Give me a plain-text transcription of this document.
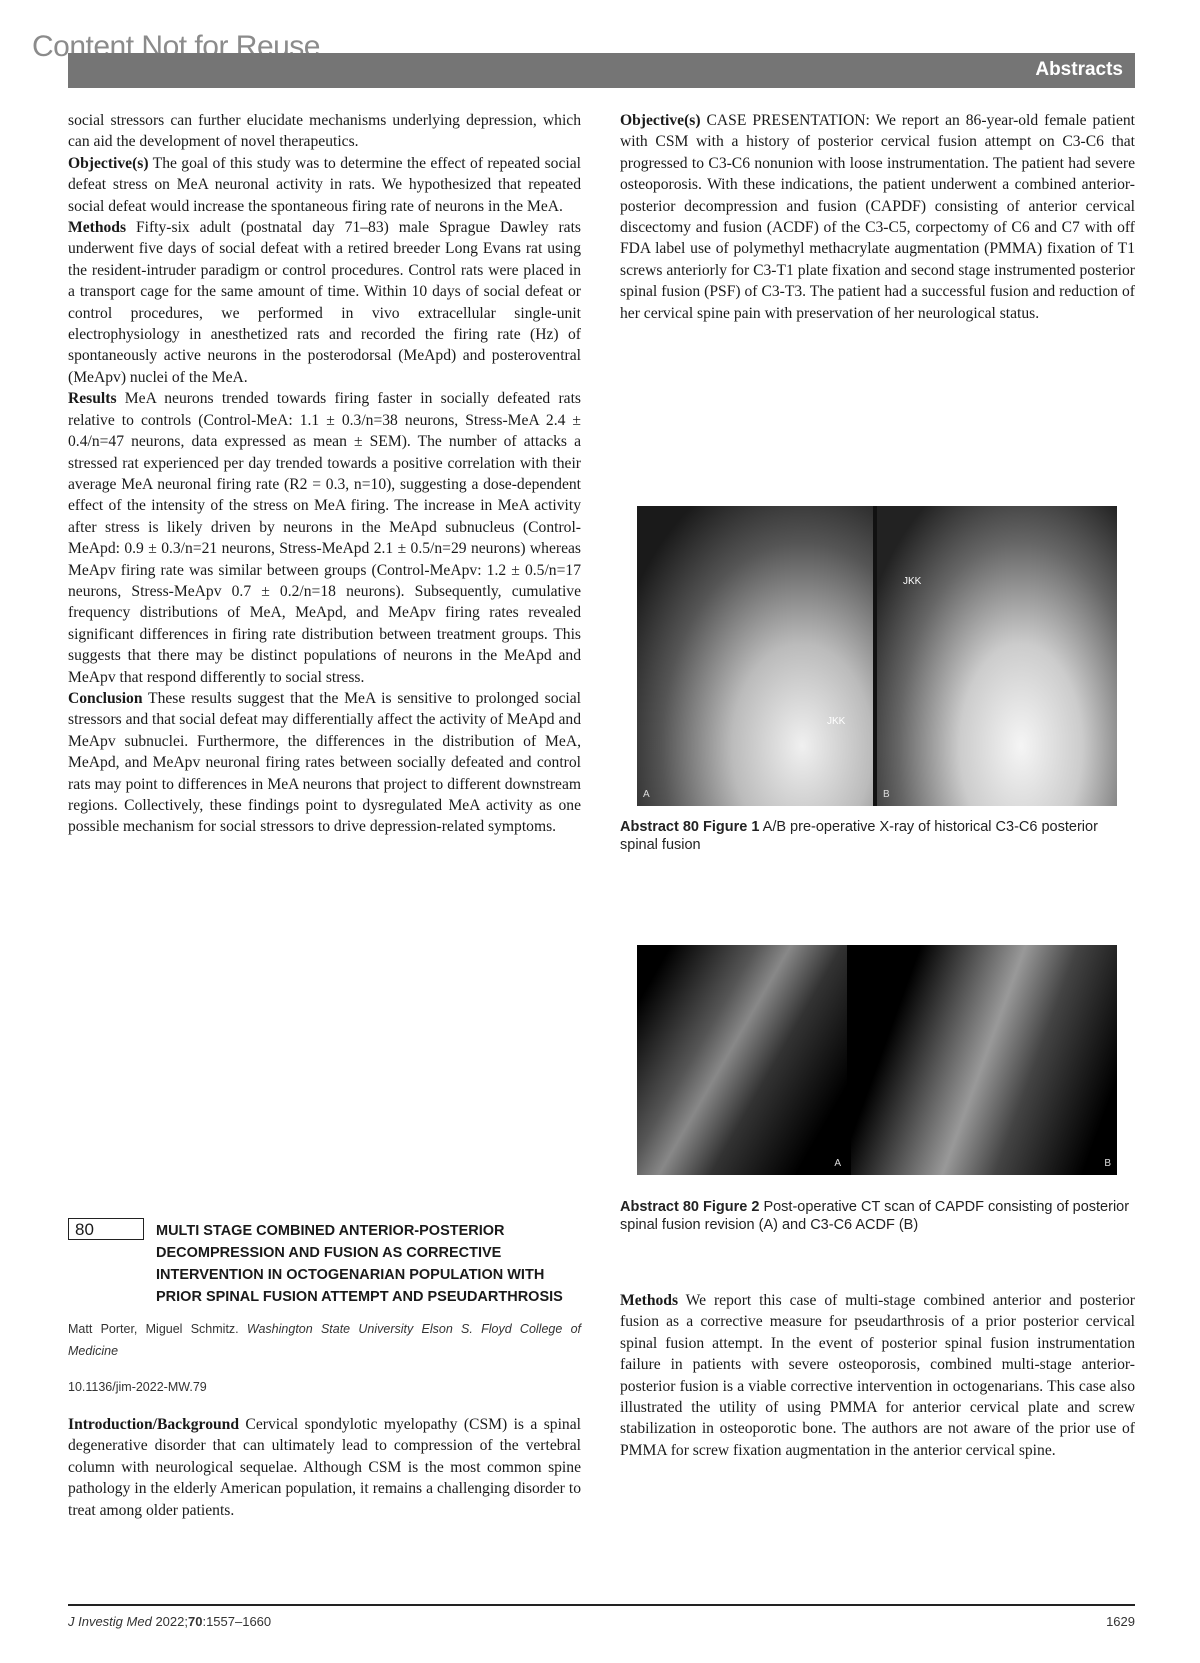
Content Not for Reuse
Abstracts

social stressors can further elucidate mechanisms underlying depression, which can aid the development of novel therapeutics.

Objective(s) The goal of this study was to determine the effect of repeated social defeat stress on MeA neuronal activity in rats. We hypothesized that repeated social defeat would increase the spontaneous firing rate of neurons in the MeA.

Methods Fifty-six adult (postnatal day 71–83) male Sprague Dawley rats underwent five days of social defeat with a retired breeder Long Evans rat using the resident-intruder paradigm or control procedures. Control rats were placed in a transport cage for the same amount of time. Within 10 days of social defeat or control procedures, we performed in vivo extracellular single-unit electrophysiology in anesthetized rats and recorded the firing rate (Hz) of spontaneously active neurons in the posterodorsal (MeApd) and posteroventral (MeApv) nuclei of the MeA.

Results MeA neurons trended towards firing faster in socially defeated rats relative to controls (Control-MeA: 1.1 ± 0.3/n=38 neurons, Stress-MeA 2.4 ± 0.4/n=47 neurons, data expressed as mean ± SEM). The number of attacks a stressed rat experienced per day trended towards a positive correlation with their average MeA neuronal firing rate (R2 = 0.3, n=10), suggesting a dose-dependent effect of the intensity of the stress on MeA firing. The increase in MeA activity after stress is likely driven by neurons in the MeApd subnucleus (Control-MeApd: 0.9 ± 0.3/n=21 neurons, Stress-MeApd 2.1 ± 0.5/n=29 neurons) whereas MeApv firing rate was similar between groups (Control-MeApv: 1.2 ± 0.5/n=17 neurons, Stress-MeApv 0.7 ± 0.2/n=18 neurons). Subsequently, cumulative frequency distributions of MeA, MeApd, and MeApv firing rates revealed significant differences in firing rate distribution between treatment groups. This suggests that there may be distinct populations of neurons in the MeApd and MeApv that respond differently to social stress.

Conclusion These results suggest that the MeA is sensitive to prolonged social stressors and that social defeat may differentially affect the activity of MeApd and MeApv subnuclei. Furthermore, the differences in the distribution of MeA, MeApd, and MeApv neuronal firing rates between socially defeated and control rats may point to differences in MeA neurons that project to different downstream regions. Collectively, these findings point to dysregulated MeA activity as one possible mechanism for social stressors to drive depression-related symptoms.

80	MULTI STAGE COMBINED ANTERIOR-POSTERIOR DECOMPRESSION AND FUSION AS CORRECTIVE INTERVENTION IN OCTOGENARIAN POPULATION WITH PRIOR SPINAL FUSION ATTEMPT AND PSEUDARTHROSIS
Matt Porter, Miguel Schmitz. Washington State University Elson S. Floyd College of Medicine
10.1136/jim-2022-MW.79

Introduction/Background Cervical spondylotic myelopathy (CSM) is a spinal degenerative disorder that can ultimately lead to compression of the vertebral column with neurological sequelae. Although CSM is the most common spine pathology in the elderly American population, it remains a challenging disorder to treat among older patients.

Objective(s) CASE PRESENTATION: We report an 86-year-old female patient with CSM with a history of posterior cervical fusion attempt on C3-C6 that progressed to C3-C6 nonunion with loose instrumentation. The patient had severe osteoporosis. With these indications, the patient underwent a combined anterior-posterior decompression and fusion (CAPDF) consisting of anterior cervical discectomy and fusion (ACDF) of the C3-C5, corpectomy of C6 and C7 with off FDA label use of polymethyl methacrylate augmentation (PMMA) fixation of T1 screws anteriorly for C3-T1 plate fixation and second stage instrumented posterior spinal fusion (PSF) of C3-T3. The patient had a successful fusion and reduction of her cervical spine pain with preservation of her neurological status.

A
JKK
B
JKK
Abstract 80 Figure 1 A/B pre-operative X-ray of historical C3-C6 posterior spinal fusion
A	B
Abstract 80 Figure 2 Post-operative CT scan of CAPDF consisting of posterior spinal fusion revision (A) and C3-C6 ACDF (B)

Methods We report this case of multi-stage combined anterior and posterior fusion as a corrective measure for pseudarthrosis of a prior posterior cervical spinal fusion attempt. In the event of posterior spinal fusion instrumentation failure in patients with severe osteoporosis, combined multi-stage anterior-posterior fusion is a viable corrective intervention in octogenarians. This case also illustrated the utility of using PMMA for anterior cervical plate and screw stabilization in osteoporotic bone. The authors are not aware of the prior use of PMMA for screw fixation augmentation in the anterior cervical spine.

J Investig Med 2022;70:1557–1660	1629
